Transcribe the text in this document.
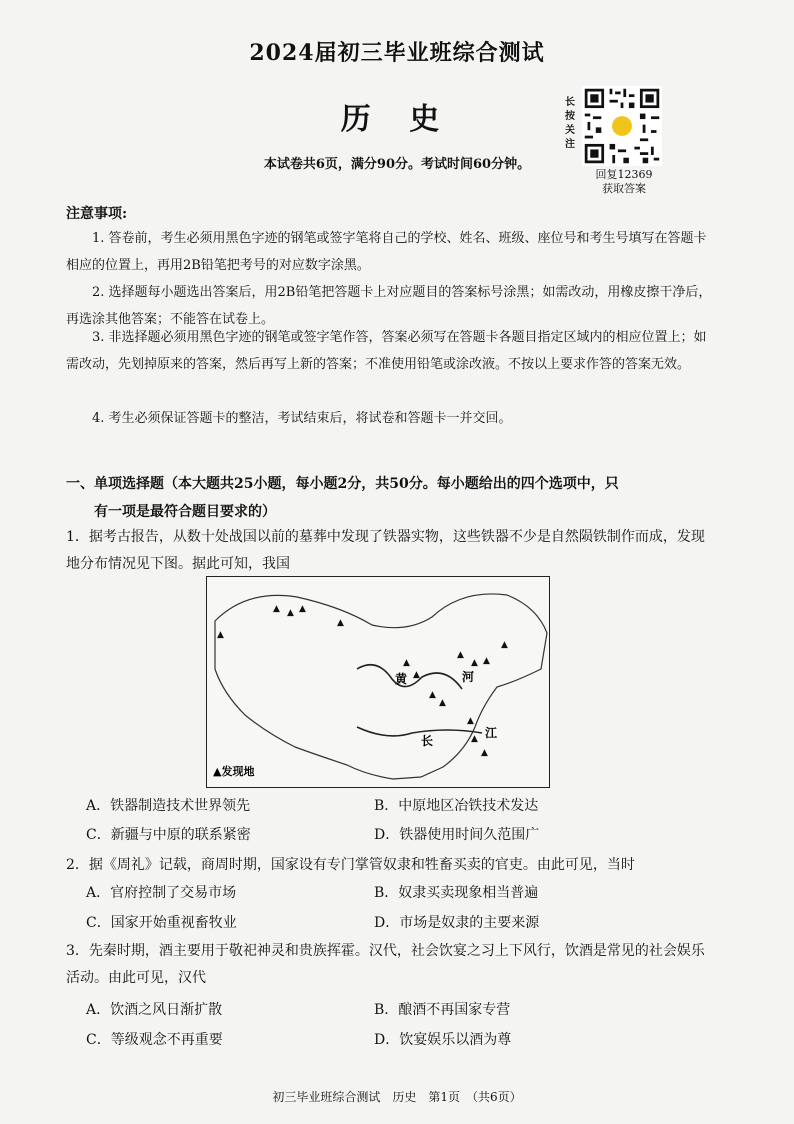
2024届初三毕业班综合测试
历 史
本试卷共6页，满分90分。考试时间60分钟。
长按关注
回复12369
获取答案
注意事项:
1. 答卷前，考生必须用黑色字迹的钢笔或签字笔将自己的学校、姓名、班级、座位号和考生号填写在答题卡相应的位置上，再用2B铅笔把考号的对应数字涂黑。
2. 选择题每小题选出答案后，用2B铅笔把答题卡上对应题目的答案标号涂黑；如需改动，用橡皮擦干净后，再选涂其他答案；不能答在试卷上。
3. 非选择题必须用黑色字迹的钢笔或签字笔作答，答案必须写在答题卡各题目指定区域内的相应位置上；如需改动，先划掉原来的答案，然后再写上新的答案；不准使用铅笔或涂改液。不按以上要求作答的答案无效。
4. 考生必须保证答题卡的整洁，考试结束后，将试卷和答题卡一并交回。
一、单项选择题（本大题共25小题，每小题2分，共50分。每小题给出的四个选项中，只
有一项是最符合题目要求的）
1．据考古报告，从数十处战国以前的墓葬中发现了铁器实物，这些铁器不少是自然陨铁制作而成，发现地分布情况见下图。据此可知，我国
黄	河
长
江
▲ ▲ ▲
▲
▲
▲
▲
▲
▲
▲
▲ ▲
▲
▲
▲
▲
▲发现地
A．铁器制造技术世界领先	B．中原地区冶铁技术发达
C．新疆与中原的联系紧密	D．铁器使用时间久范围广
2．据《周礼》记载，商周时期，国家设有专门掌管奴隶和牲畜买卖的官吏。由此可见，当时
A．官府控制了交易市场	B．奴隶买卖现象相当普遍
C．国家开始重视畜牧业	D．市场是奴隶的主要来源
3．先秦时期，酒主要用于敬祀神灵和贵族挥霍。汉代，社会饮宴之习上下风行，饮酒是常见的社会娱乐活动。由此可见，汉代
A．饮酒之风日渐扩散	B．酿酒不再国家专营
C．等级观念不再重要	D．饮宴娱乐以酒为尊
初三毕业班综合测试　历史　第1页　（共6页）
